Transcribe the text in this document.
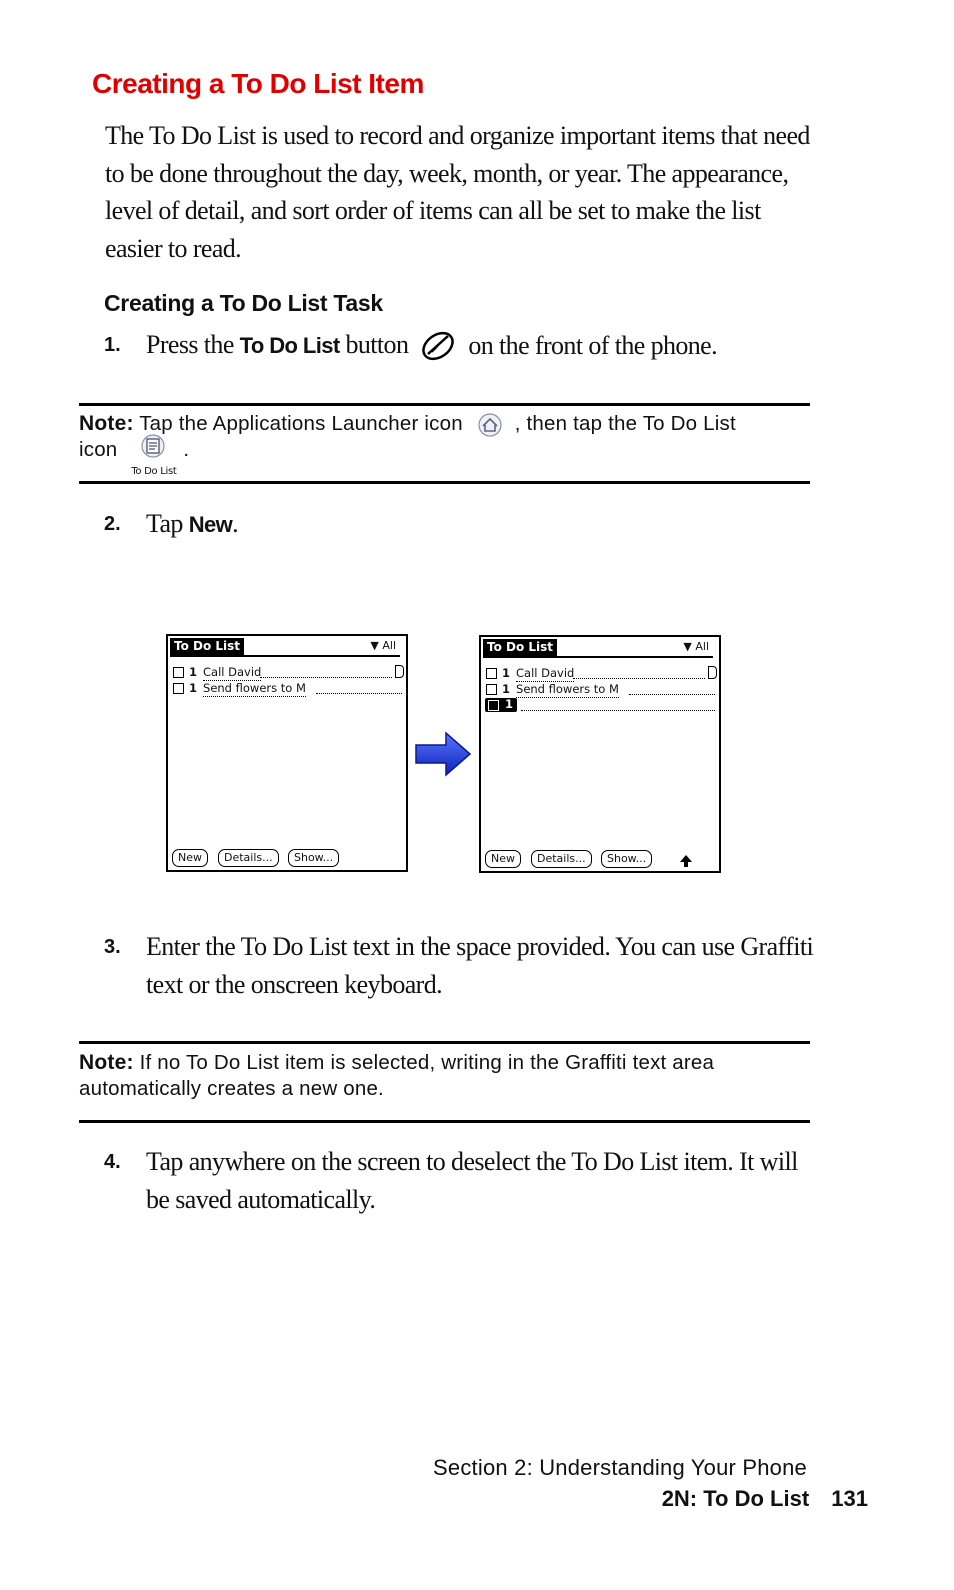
Creating a To Do List Item
The To Do List is used to record and organize important items that need to be done throughout the day, week, month, or year. The appearance, level of detail, and sort order of items can all be set to make the list easier to read.
Creating a To Do List Task
1. Press the To Do List button on the front of the phone.
Note: Tap the Applications Launcher icon , then tap the To Do List
icon
To Do List
.
2. Tap New.
To Do List	▼ All
1 Call David
1 Send flowers to M
New	Details...	Show...
To Do List	▼ All
1 Call David
1 Send flowers to M
1
New	Details...	Show...
3. Enter the To Do List text in the space provided. You can use Graffiti text or the onscreen keyboard.
Note: If no To Do List item is selected, writing in the Graffiti text area automatically creates a new one.
4. Tap anywhere on the screen to deselect the To Do List item. It will be saved automatically.
Section 2: Understanding Your Phone
2N: To Do List 131
